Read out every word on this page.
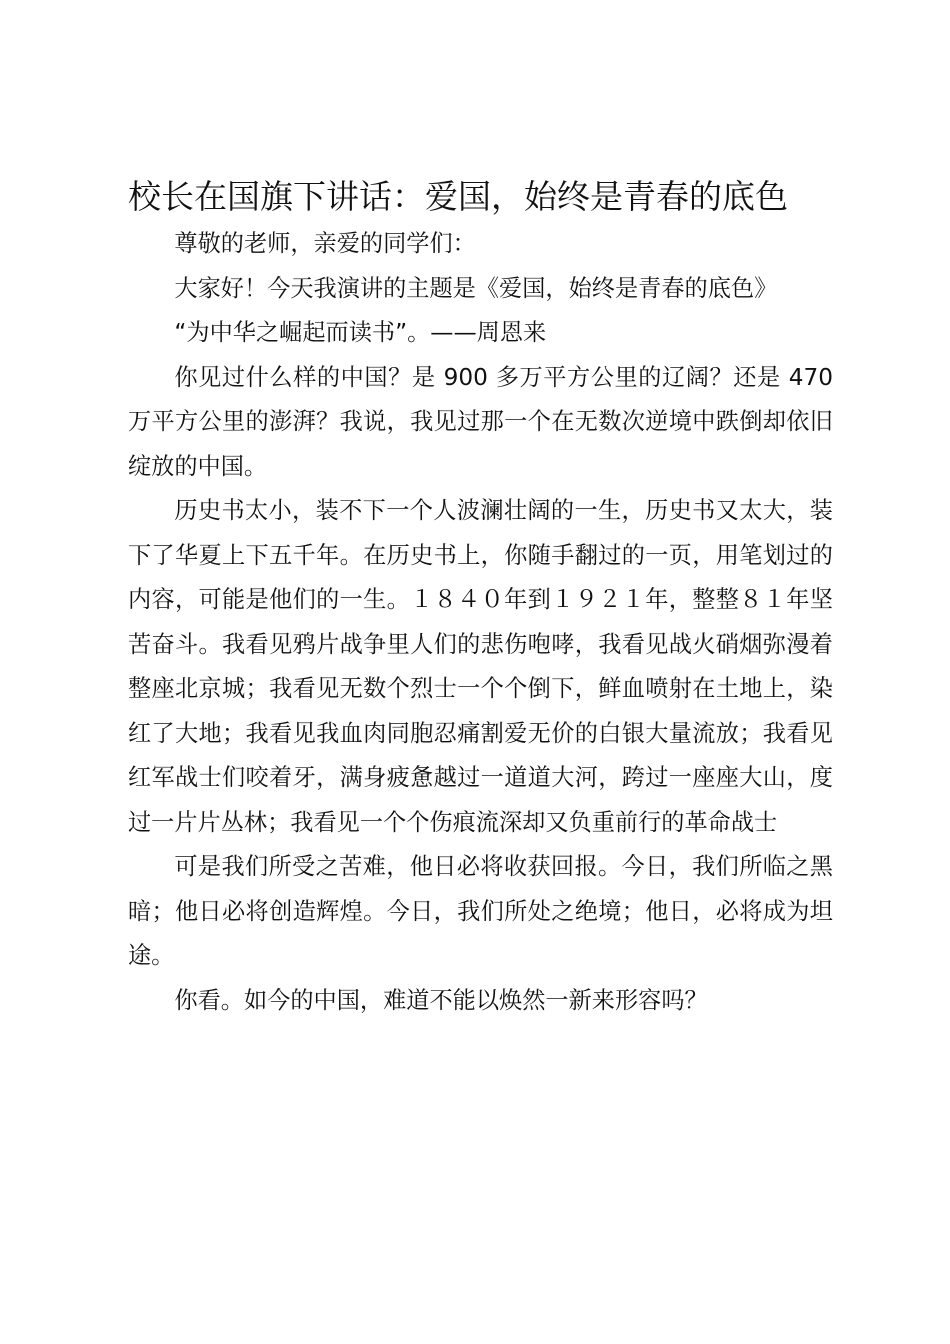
校长在国旗下讲话：爱国，始终是青春的底色

尊敬的老师，亲爱的同学们：

大家好！今天我演讲的主题是《爱国，始终是青春的底色》

“为中华之崛起而读书”。——周恩来

你见过什么样的中国？是 900 多万平方公里的辽阔？还是 470 万平方公里的澎湃？我说，我见过那一个在无数次逆境中跌倒却依旧绽放的中国。

历史书太小，装不下一个人波澜壮阔的一生，历史书又太大，装下了华夏上下五千年。在历史书上，你随手翻过的一页，用笔划过的内容，可能是他们的一生。１８４０年到１９２１年，整整８１年坚苦奋斗。我看见鸦片战争里人们的悲伤咆哮，我看见战火硝烟弥漫着整座北京城；我看见无数个烈士一个个倒下，鲜血喷射在土地上，染红了大地；我看见我血肉同胞忍痛割爱无价的白银大量流放；我看见红军战士们咬着牙，满身疲惫越过一道道大河，跨过一座座大山，度过一片片丛林；我看见一个个伤痕流深却又负重前行的革命战士

可是我们所受之苦难，他日必将收获回报。今日，我们所临之黑暗；他日必将创造辉煌。今日，我们所处之绝境；他日，必将成为坦途。

你看。如今的中国，难道不能以焕然一新来形容吗？
